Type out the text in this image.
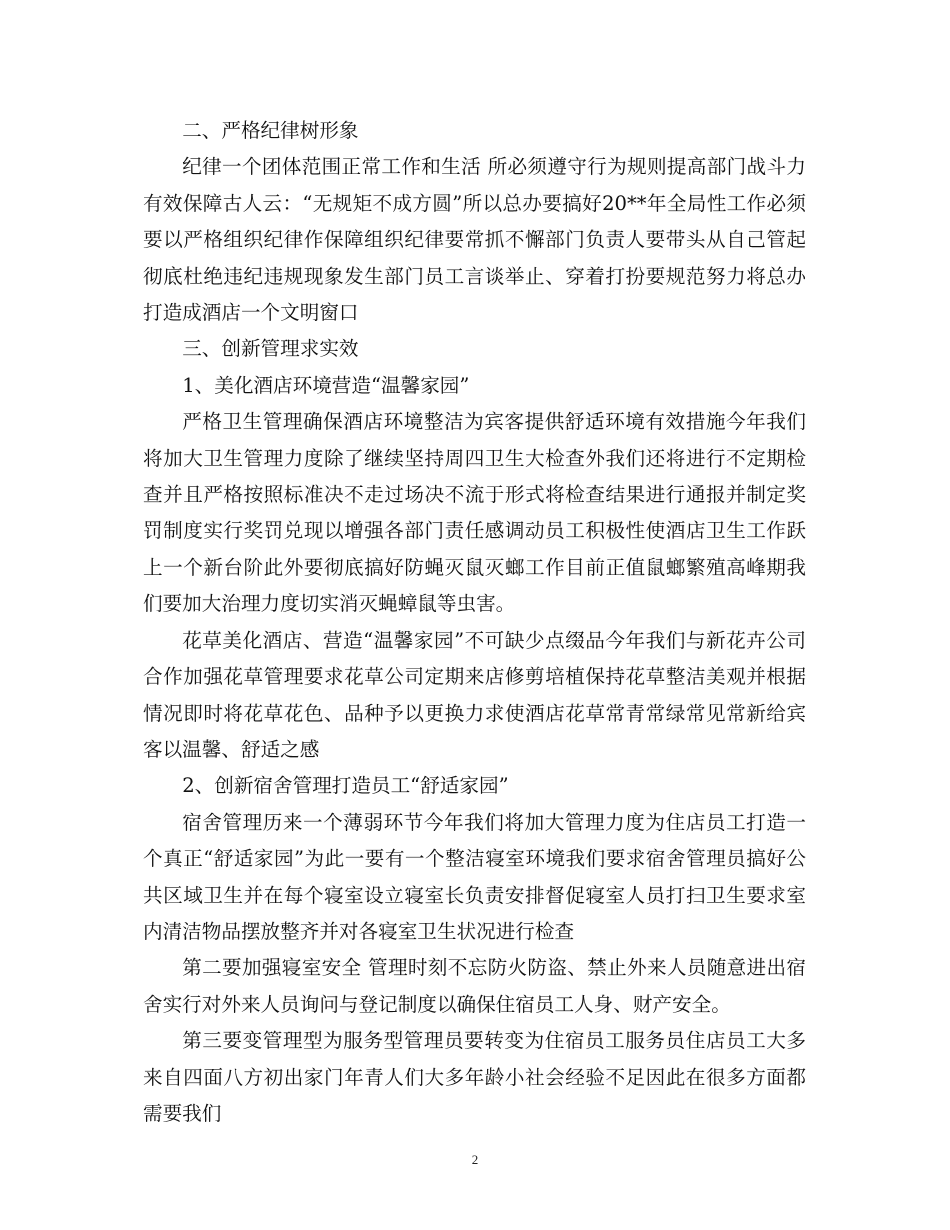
二、严格纪律树形象

纪律一个团体范围正常工作和生活 所必须遵守行为规则提高部门战斗力有效保障古人云：“无规矩不成方圆”所以总办要搞好20**年全局性工作必须要以严格组织纪律作保障组织纪律要常抓不懈部门负责人要带头从自己管起彻底杜绝违纪违规现象发生部门员工言谈举止、穿着打扮要规范努力将总办打造成酒店一个文明窗口

三、创新管理求实效

1、美化酒店环境营造“温馨家园”

严格卫生管理确保酒店环境整洁为宾客提供舒适环境有效措施今年我们将加大卫生管理力度除了继续坚持周四卫生大检查外我们还将进行不定期检查并且严格按照标准决不走过场决不流于形式将检查结果进行通报并制定奖罚制度实行奖罚兑现以增强各部门责任感调动员工积极性使酒店卫生工作跃上一个新台阶此外要彻底搞好防蝇灭鼠灭螂工作目前正值鼠螂繁殖高峰期我们要加大治理力度切实消灭蝇蟑鼠等虫害。

花草美化酒店、营造“温馨家园”不可缺少点缀品今年我们与新花卉公司合作加强花草管理要求花草公司定期来店修剪培植保持花草整洁美观并根据情况即时将花草花色、品种予以更换力求使酒店花草常青常绿常见常新给宾客以温馨、舒适之感

2、创新宿舍管理打造员工“舒适家园”

宿舍管理历来一个薄弱环节今年我们将加大管理力度为住店员工打造一个真正“舒适家园”为此一要有一个整洁寝室环境我们要求宿舍管理员搞好公共区域卫生并在每个寝室设立寝室长负责安排督促寝室人员打扫卫生要求室内清洁物品摆放整齐并对各寝室卫生状况进行检查

第二要加强寝室安全 管理时刻不忘防火防盗、禁止外来人员随意进出宿舍实行对外来人员询问与登记制度以确保住宿员工人身、财产安全。

第三要变管理型为服务型管理员要转变为住宿员工服务员住店员工大多来自四面八方初出家门年青人们大多年龄小社会经验不足因此在很多方面都需要我们

2
